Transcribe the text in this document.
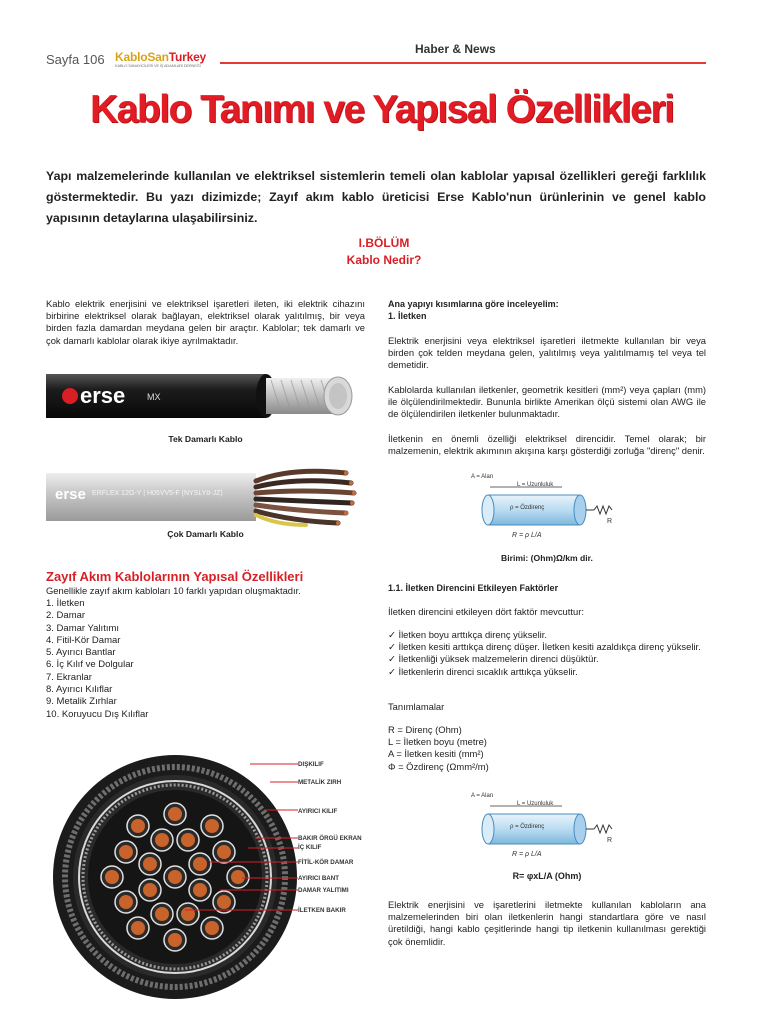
Sayfa 106 KabloSanTurkey
KABLO SANAYİCİLERİ VE İŞ ADAMLARI DERNEĞİ
Haber & News
Kablo Tanımı ve Yapısal Özellikleri
Yapı malzemelerinde kullanılan ve elektriksel sistemlerin temeli olan kablolar yapısal özellikleri gereği farklılık göstermektedir. Bu yazı dizimizde; Zayıf akım kablo üreticisi Erse Kablo'nun ürünlerinin ve genel kablo yapısının detaylarına ulaşabilirsiniz.
I.BÖLÜM
Kablo Nedir?
Kablo elektrik enerjisini ve elektriksel işaretleri ileten, iki elektrik cihazını birbirine elektriksel olarak bağlayan, elektriksel olarak yalıtılmış, bir veya birden fazla damardan meydana gelen bir araçtır. Kablolar; tek damarlı ve çok damarlı kablolar olarak ikiye ayrılmaktadır.
erse MX
Tek Damarlı Kablo
erse ERFLEX 12G-Y | H05VV5-F (NYSLYö-JZ)
Çok Damarlı Kablo
Zayıf Akım Kablolarının Yapısal Özellikleri
Genellikle zayıf akım kabloları 10 farklı yapıdan oluşmaktadır.
1. İletken
2. Damar
3. Damar Yalıtımı
4. Fitil-Kör Damar
5. Ayırıcı Bantlar
6. İç Kılıf ve Dolgular
7. Ekranlar
8. Ayırıcı Kılıflar
9. Metalik Zırhlar
10. Koruyucu Dış Kılıflar
DIŞKILIF
METALİK ZIRH
AYIRICI KILIF
BAKIR ÖRGÜ EKRAN
İÇ KILIF
FİTİL-KÖR DAMAR
AYIRICI BANT
DAMAR YALITIMI
İLETKEN BAKIR
Ana yapıyı kısımlarına göre inceleyelim:
1. İletken
Elektrik enerjisini veya elektriksel işaretleri iletmekte kullanılan bir veya birden çok telden meydana gelen, yalıtılmış veya yalıtılmamış tel veya tel demetidir.
Kablolarda kullanılan iletkenler, geometrik kesitleri (mm²) veya çapları (mm) ile ölçülendirilmektedir. Bununla birlikte Amerikan ölçü sistemi olan AWG ile de ölçülendirilen iletkenler bulunmaktadır.
İletkenin en önemli özelliği elektriksel direncidir. Temel olarak; bir malzemenin, elektrik akımının akışına karşı gösterdiği zorluğa "direnç" denir.
A = Alan
L = Uzunluluk
ρ = Özdirenç
R
R = ρ L/A
Birimi: (Ohm)Ω/km dir.
1.1. İletken Direncini Etkileyen Faktörler
İletken direncini etkileyen dört faktör mevcuttur:
✓ İletken boyu arttıkça direnç yükselir.
✓ İletken kesiti arttıkça direnç düşer. İletken kesiti azaldıkça direnç yükselir.
✓ İletkenliği yüksek malzemelerin direnci düşüktür.
✓ İletkenlerin direnci sıcaklık arttıkça yükselir.
Tanımlamalar

R = Direnç (Ohm)

L = İletken boyu (metre)

A = İletken kesiti (mm²)

Φ = Özdirenç (Ωmm²/m)

A = Alan
L = Uzunluluk
ρ = Özdirenç
R
R = ρ L/A
R= φxL/A (Ohm)
Elektrik enerjisini ve işaretlerini iletmekte kullanılan kabloların ana malzemelerinden biri olan iletkenlerin hangi standartlara göre ve nasıl üretildiği, hangi kablo çeşitlerinde hangi tip iletkenin kullanılması gerektiği çok önemlidir.
